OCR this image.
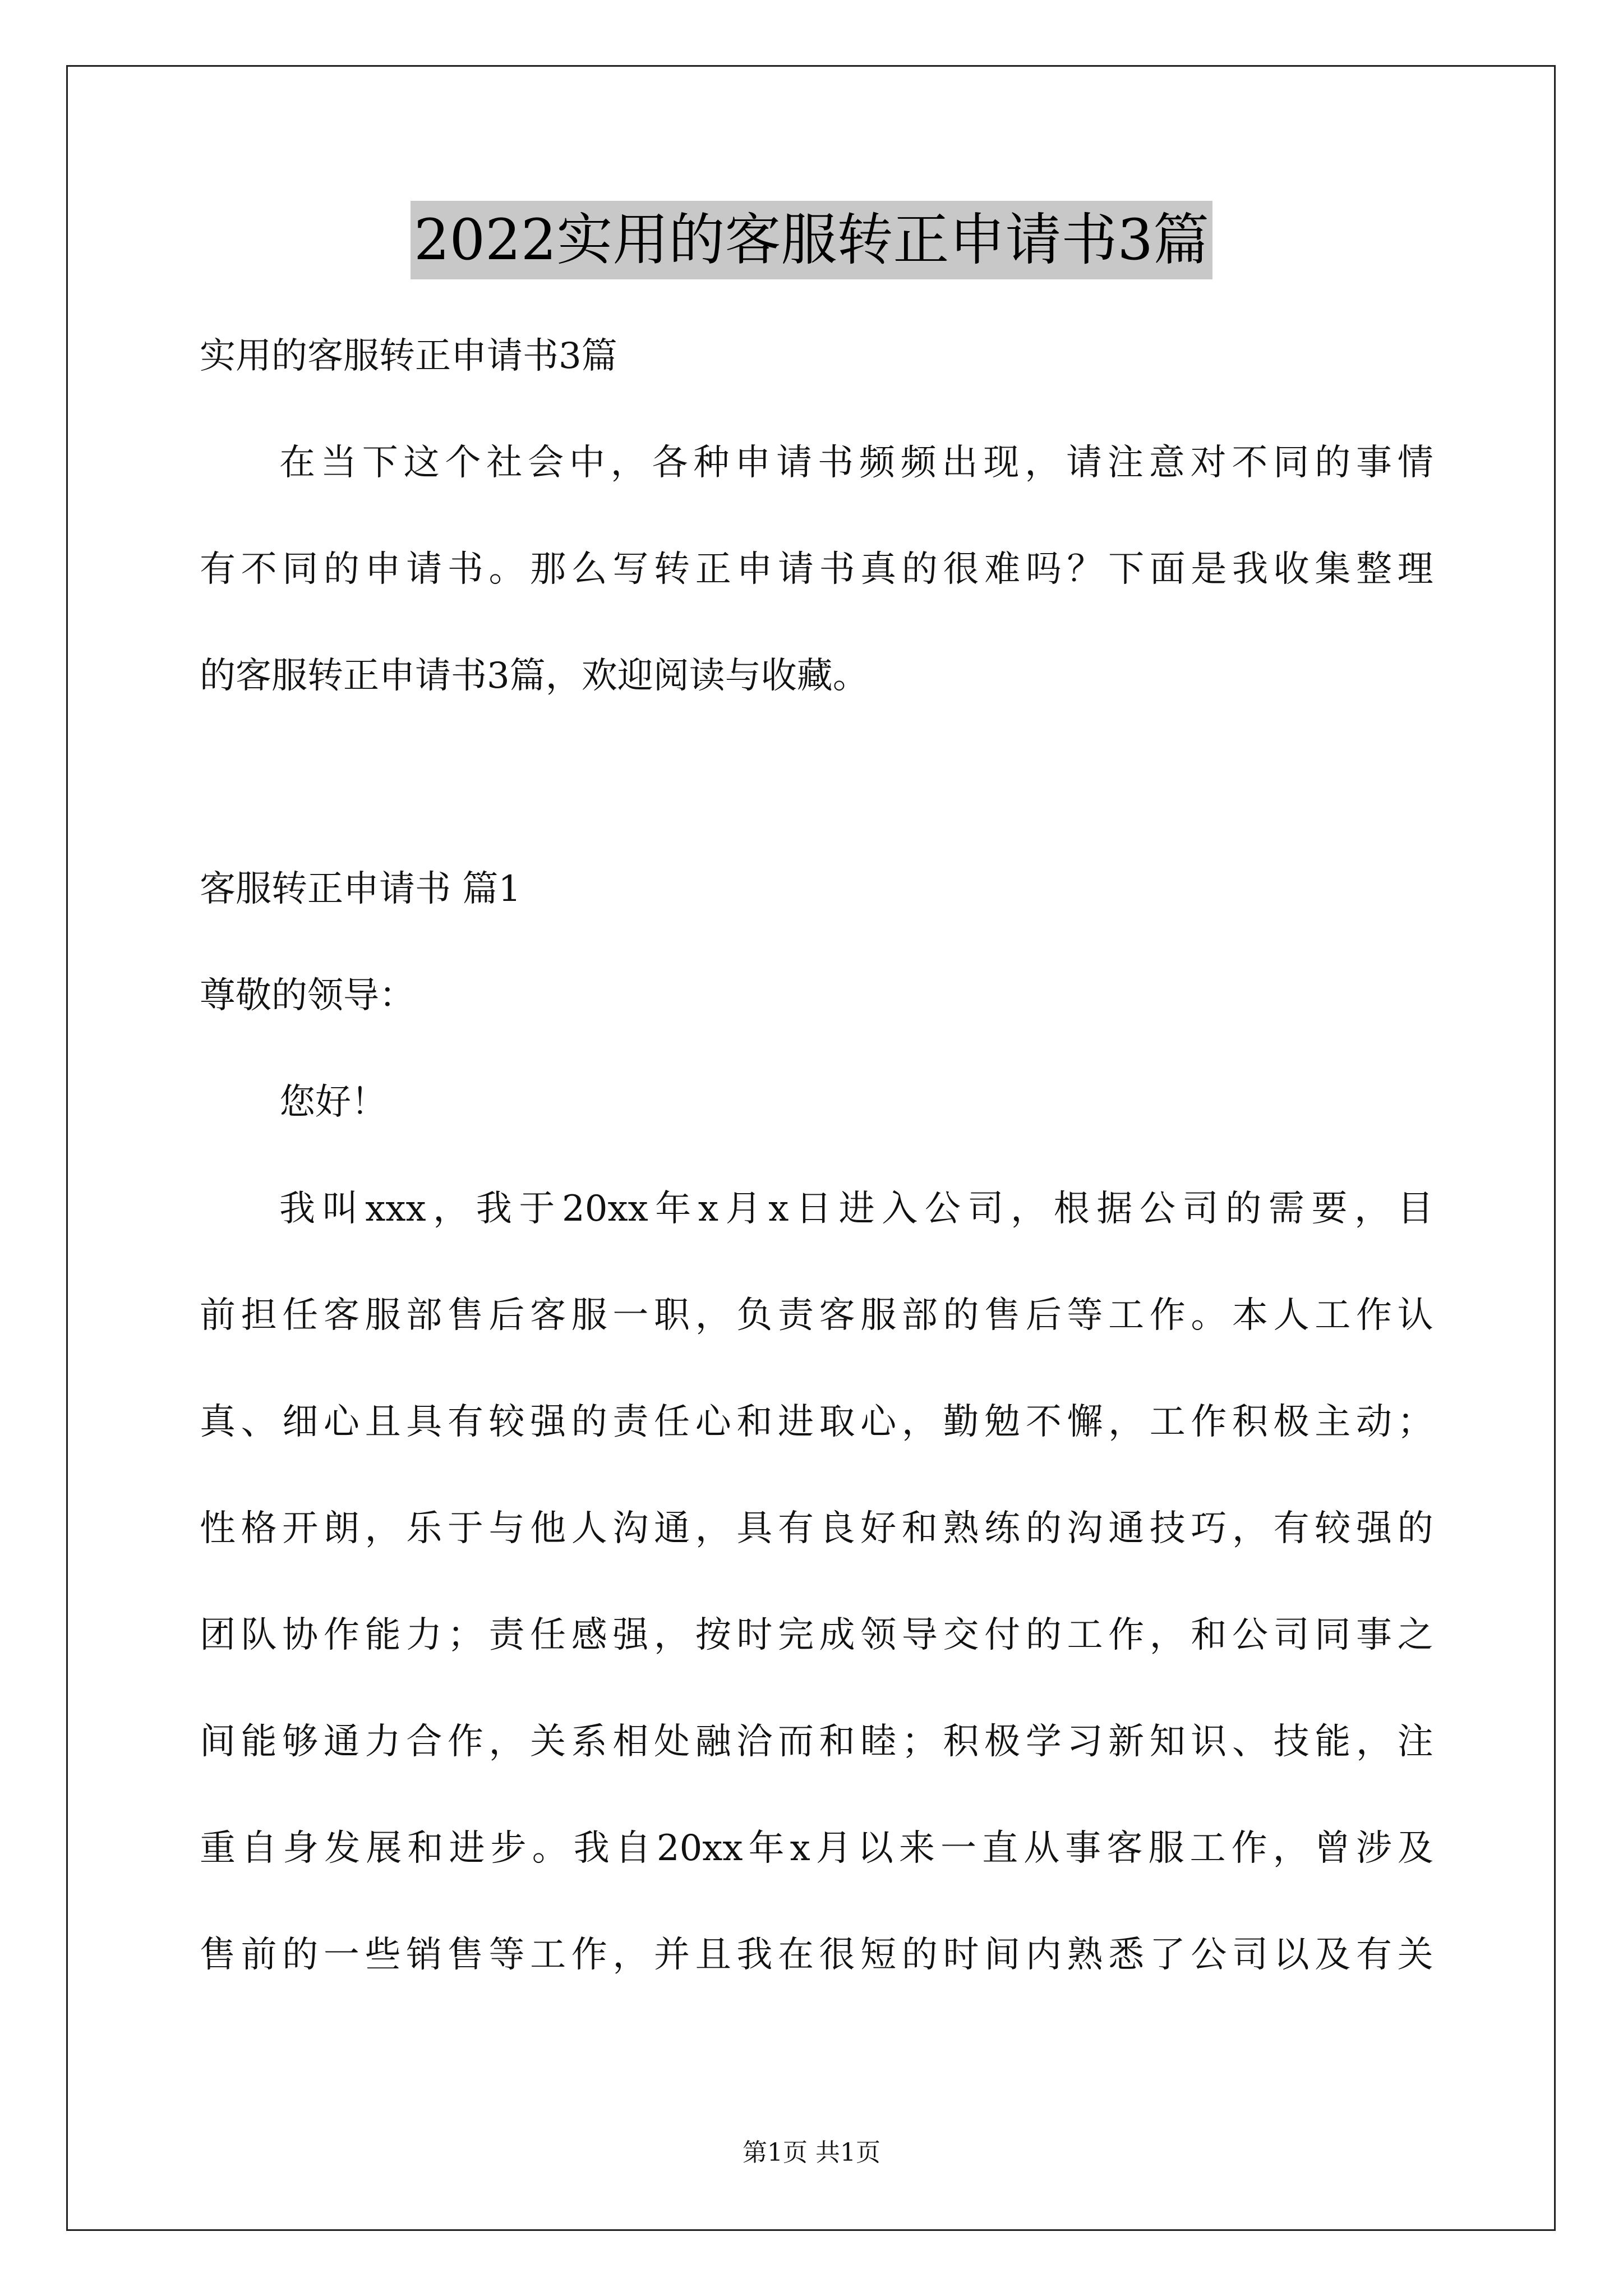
2022实用的客服转正申请书3篇
实用的客服转正申请书3篇
在 当 下 这 个 社 会 中 ， 各 种 申 请 书 频 频 出 现 ， 请 注 意 对 不 同 的 事 情
有 不 同 的 申 请 书 。 那 么 写 转 正 申 请 书 真 的 很 难 吗 ？ 下 面 是 我 收 集 整 理
的客服转正申请书3篇，欢迎阅读与收藏。
客服转正申请书 篇1
尊敬的领导：
您好！
我 叫 xxx ， 我 于 20xx 年 x 月 x 日 进 入 公 司 ， 根 据 公 司 的 需 要 ， 目
前 担 任 客 服 部 售 后 客 服 一 职 ， 负 责 客 服 部 的 售 后 等 工 作 。 本 人 工 作 认
真 、 细 心 且 具 有 较 强 的 责 任 心 和 进 取 心 ， 勤 勉 不 懈 ， 工 作 积 极 主 动 ；
性 格 开 朗 ， 乐 于 与 他 人 沟 通 ， 具 有 良 好 和 熟 练 的 沟 通 技 巧 ， 有 较 强 的
团 队 协 作 能 力 ； 责 任 感 强 ， 按 时 完 成 领 导 交 付 的 工 作 ， 和 公 司 同 事 之
间 能 够 通 力 合 作 ， 关 系 相 处 融 洽 而 和 睦 ； 积 极 学 习 新 知 识 、 技 能 ， 注
重 自 身 发 展 和 进 步 。 我 自 20xx 年 x 月 以 来 一 直 从 事 客 服 工 作 ， 曾 涉 及
售 前 的 一 些 销 售 等 工 作 ， 并 且 我 在 很 短 的 时 间 内 熟 悉 了 公 司 以 及 有 关
第1页 共1页
